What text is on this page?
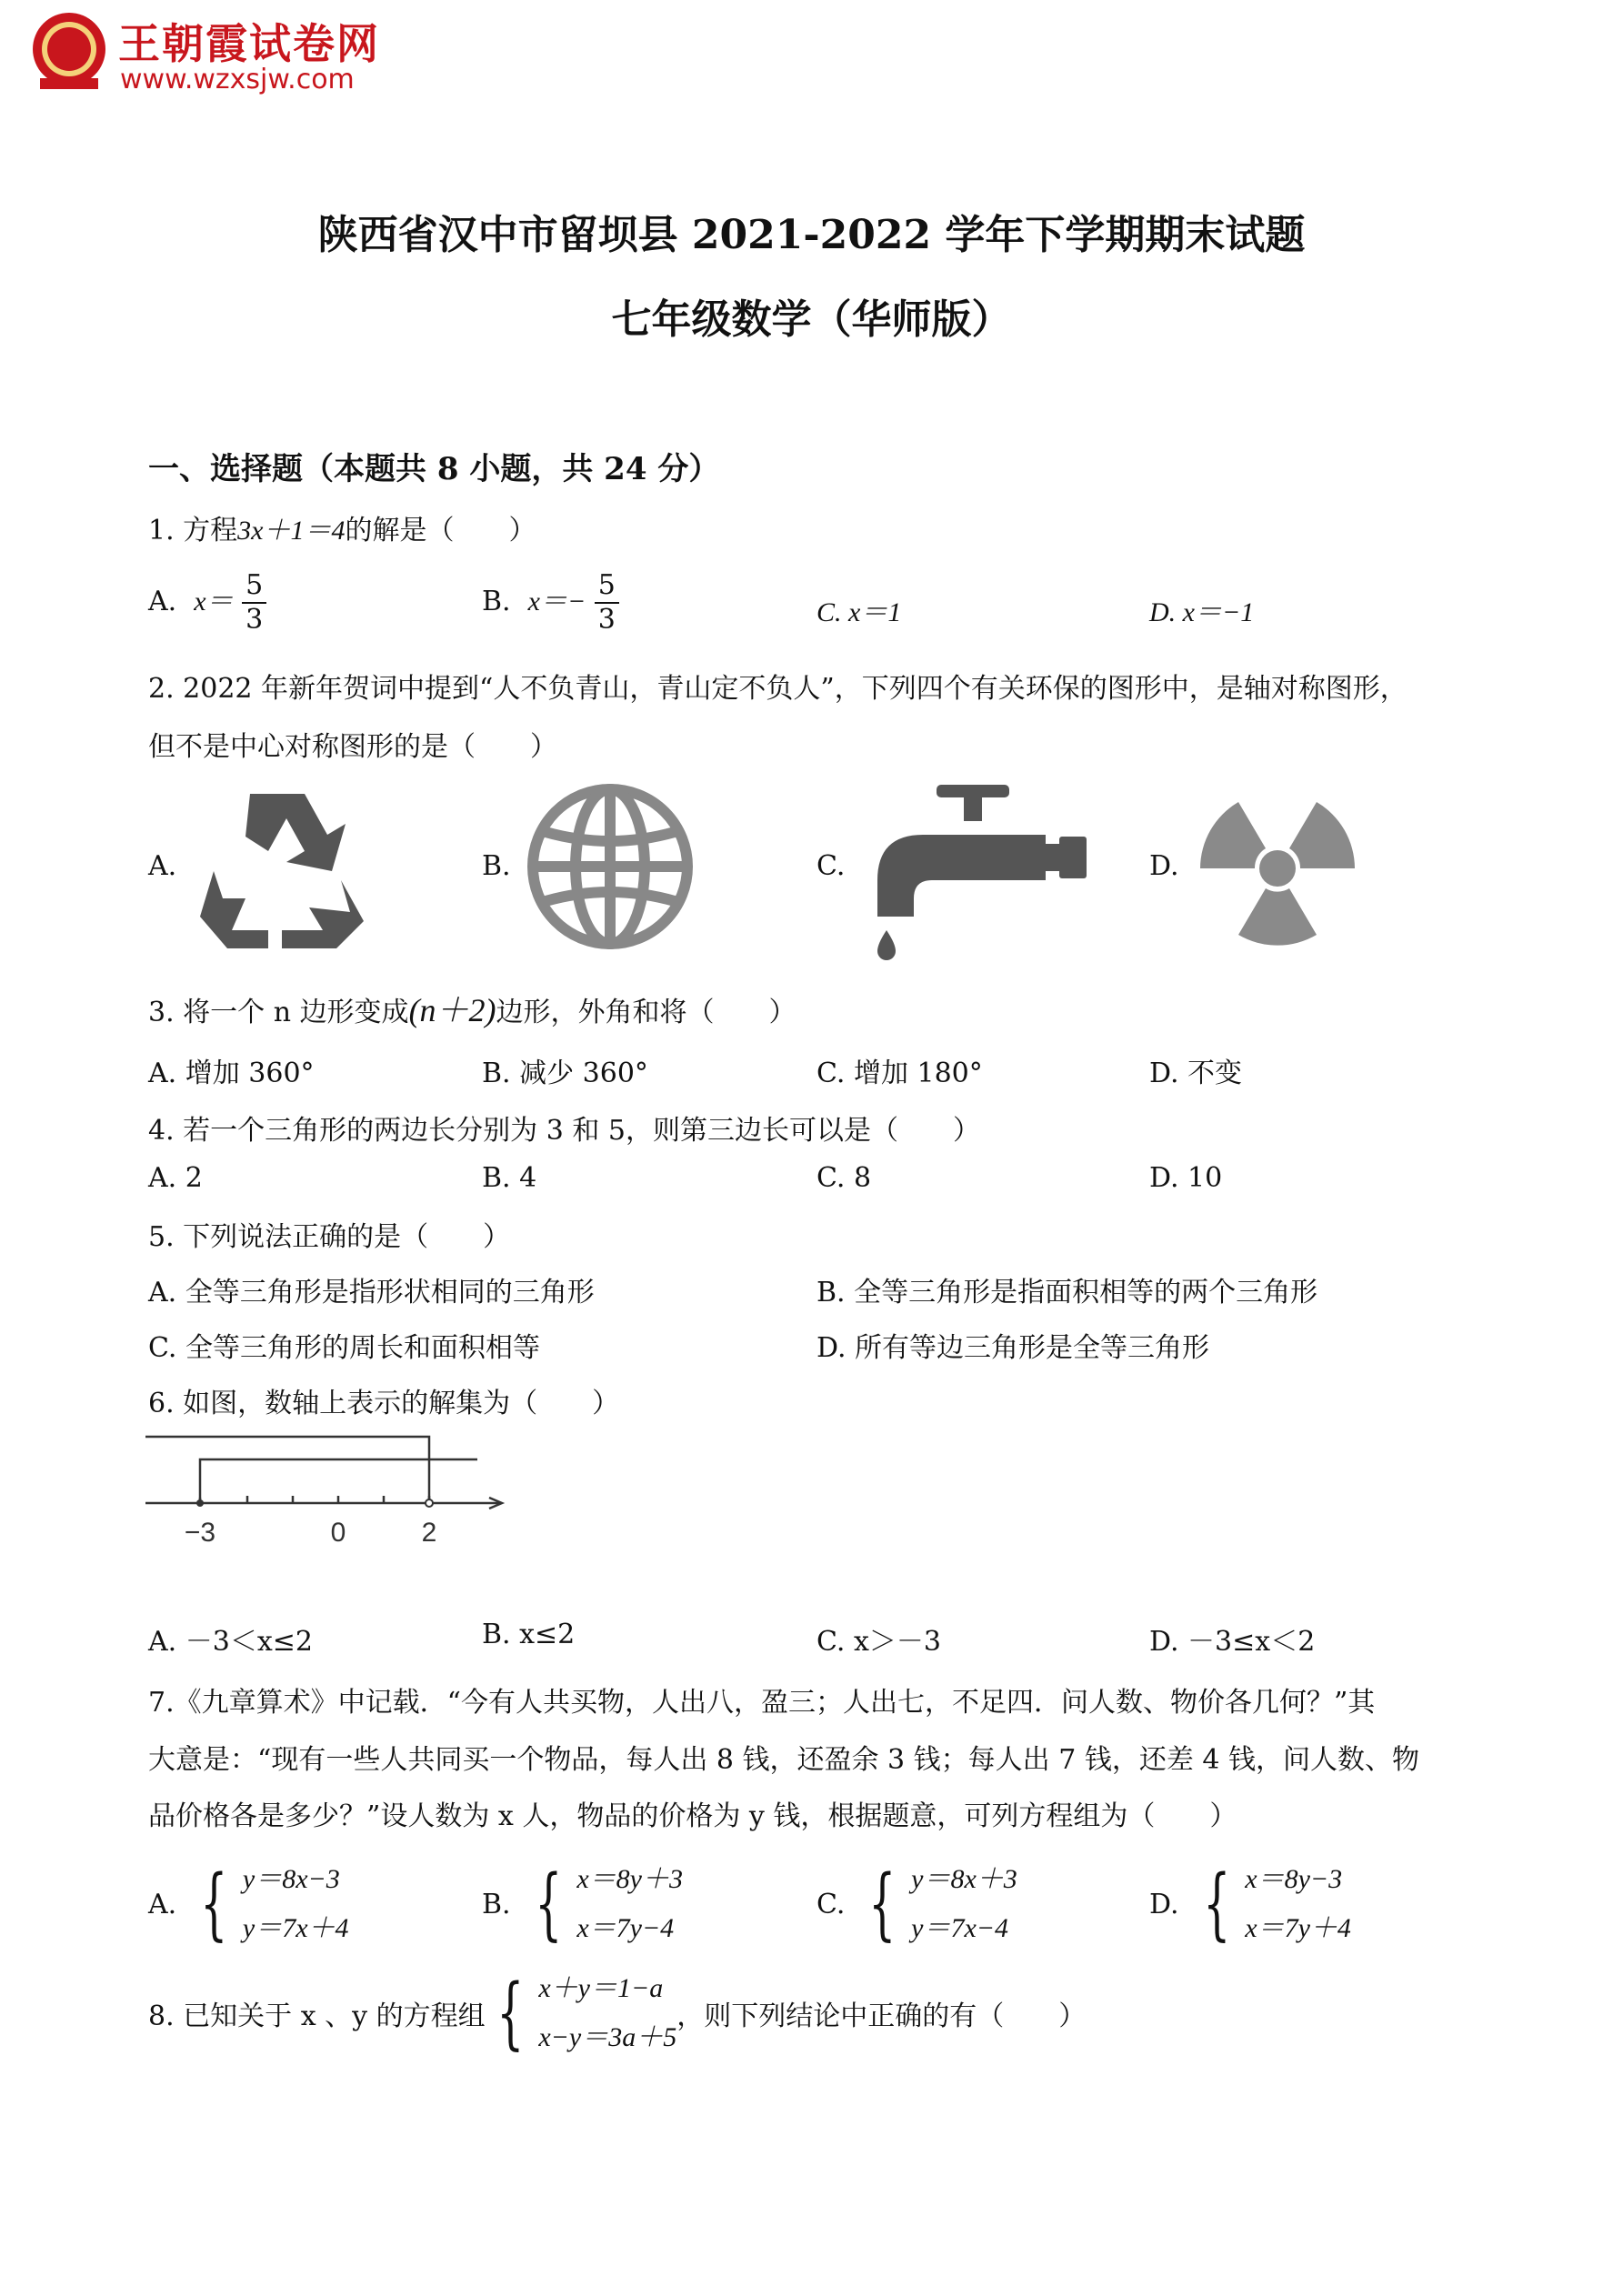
王朝霞试卷网
www.wzxsjw.com
陕西省汉中市留坝县 2021-2022 学年下学期期末试题
七年级数学（华师版）
一、选择题（本题共 8 小题，共 24 分）
1. 方程3x＋1＝4的解是（　　）
A. $x= \frac{5}{3}$	B. $x=- \frac{5}{3}$	C. x＝1	D. x＝−1
2. 2022 年新年贺词中提到“人不负青山，青山定不负人”，下列四个有关环保的图形中，是轴对称图形，
但不是中心对称图形的是（　　）
A.	B.	C.	D.
3. 将一个 n 边形变成(n＋2)边形，外角和将（　　）
A. 增加 360°	B. 减少 360°	C. 增加 180°	D. 不变
4. 若一个三角形的两边长分别为 3 和 5，则第三边长可以是（　　）
A. 2	B. 4	C. 8	D. 10
5. 下列说法正确的是（　　）
A. 全等三角形是指形状相同的三角形	B. 全等三角形是指面积相等的两个三角形
C. 全等三角形的周长和面积相等	D. 所有等边三角形是全等三角形
6. 如图，数轴上表示的解集为（　　）
−3	0	2
A. －3＜x≤2	B. x≤2	C. x＞－3	D. －3≤x＜2
7.《九章算术》中记载．“今有人共买物，人出八，盈三；人出七，不足四．问人数、物价各几何？”其
大意是：“现有一些人共同买一个物品，每人出 8 钱，还盈余 3 钱；每人出 7 钱，还差 4 钱，问人数、物
品价格各是多少？”设人数为 x 人，物品的价格为 y 钱，根据题意，可列方程组为（　　）
A. { y＝8x−3
y＝7x＋4
B. { x＝8y＋3
x＝7y−4
C. { y＝8x＋3
y＝7x−4
D. { x＝8y−3
x＝7y＋4
8. 已知关于 x 、y 的方程组 { x＋y＝1−a
x−y＝3a＋5
，则下列结论中正确的有（　　）
